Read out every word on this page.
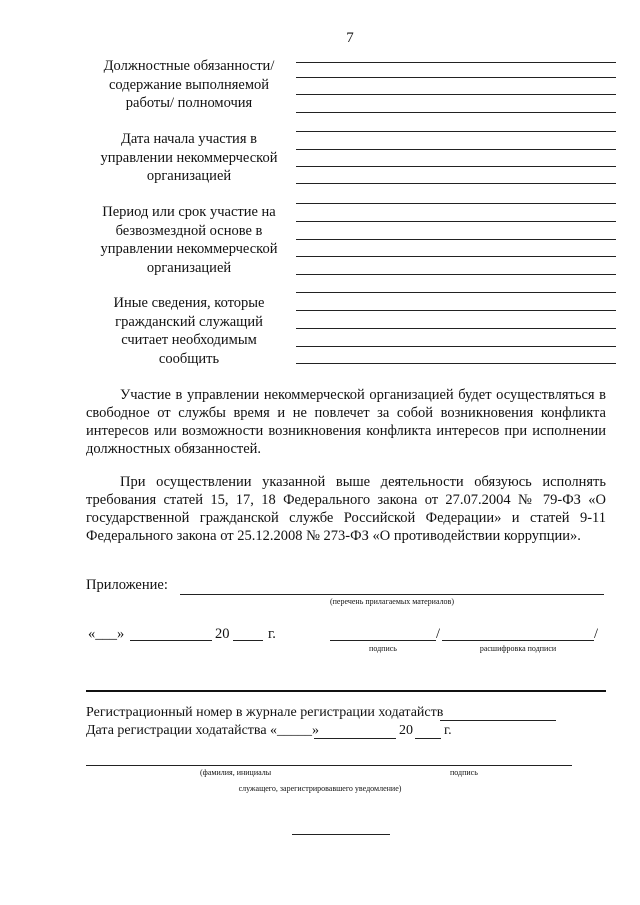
7
Должностные обязанности/
содержание выполняемой
работы/ полномочия
Дата начала участия в
управлении некоммерческой
организацией
Период или срок участие на
безвозмездной основе в
управлении некоммерческой
организацией
Иные сведения, которые
гражданский служащий
считает необходимым
сообщить
Участие в управлении некоммерческой организацией будет осуществляться в свободное от службы время и не повлечет за собой возникновения конфликта интересов или возможности возникновения конфликта интересов при исполнении должностных обязанностей.
При осуществлении указанной выше деятельности обязуюсь исполнять требования статей 15, 17, 18 Федерального закона от 27.07.2004 № 79-ФЗ «О государственной гражданской службе Российской Федерации» и статей 9-11 Федерального закона от 25.12.2008 № 273-ФЗ «О противодействии коррупции».
Приложение:
(перечень прилагаемых материалов)
«___»	20	г.	/	/
подпись	расшифровка подписи
Регистрационный номер в журнале регистрации ходатайств
Дата регистрации ходатайства «_____»	20 г.
(фамилия, инициалы	подпись
служащего, зарегистрировавшего уведомление)
